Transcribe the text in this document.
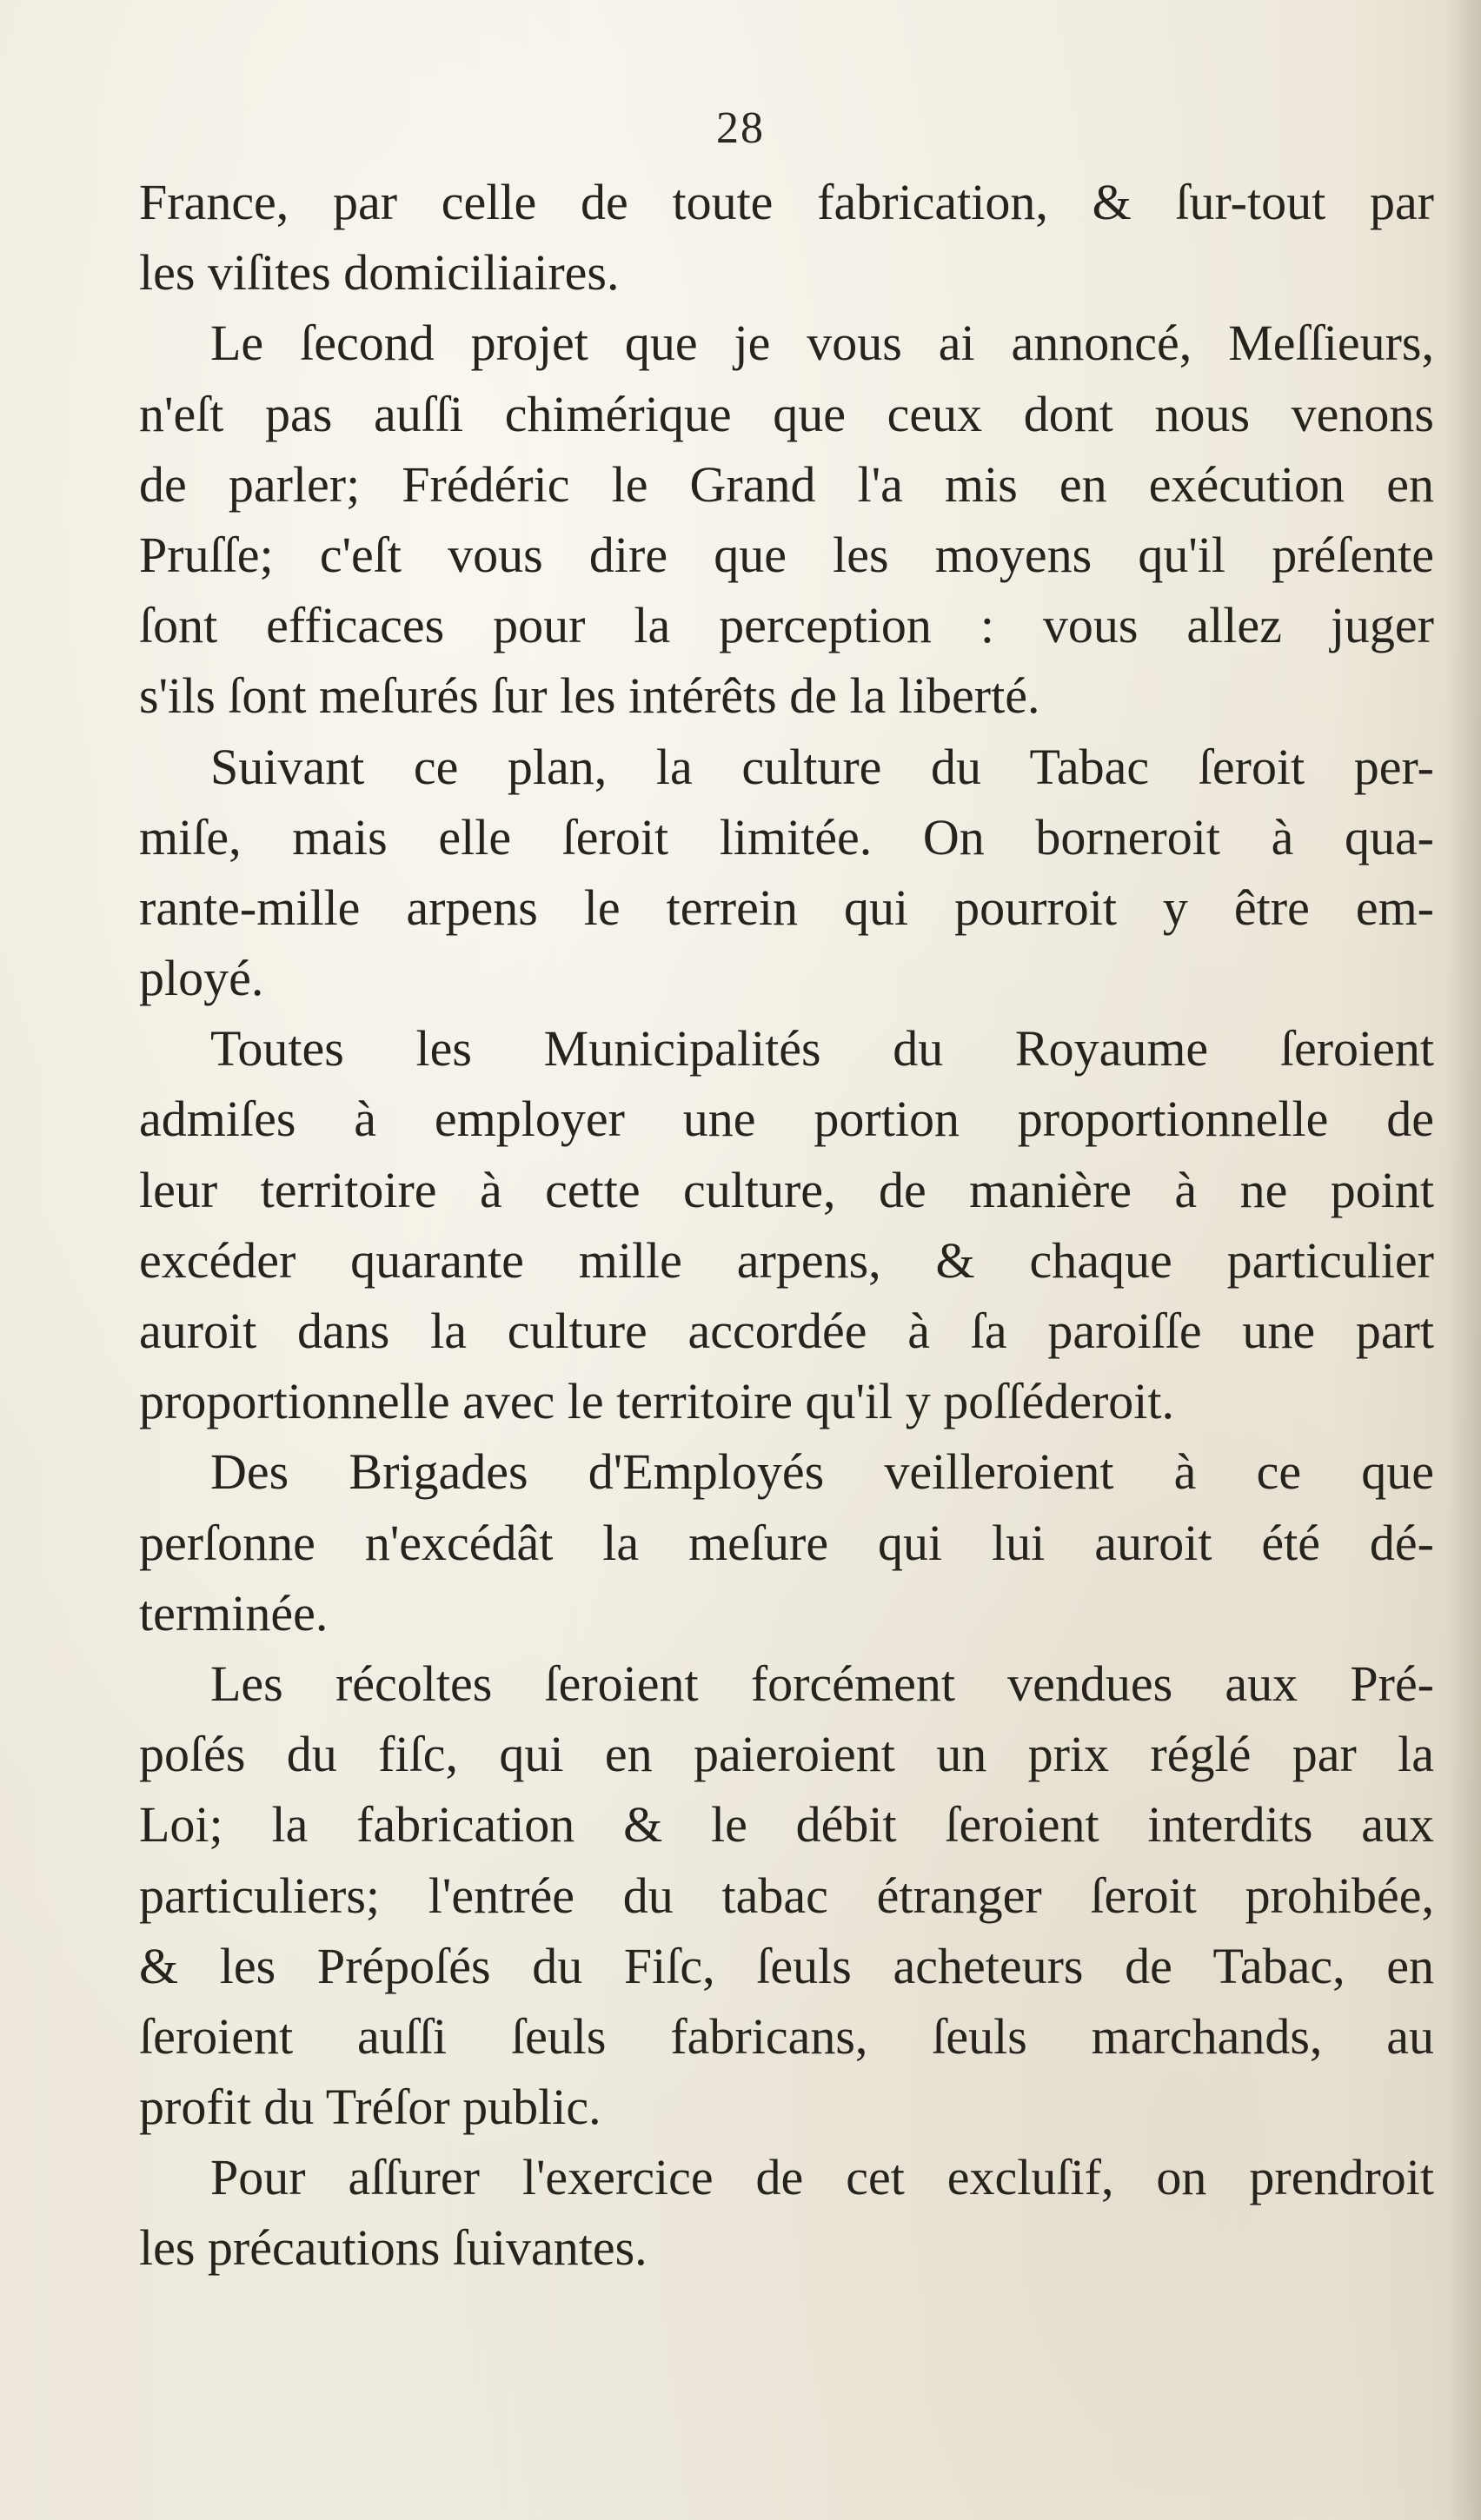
28
France, par celle de toute fabrication, & ſur-tout par
les viſites domiciliaires.
Le ſecond projet que je vous ai annoncé, Meſſieurs,
n'eſt pas auſſi chimérique que ceux dont nous venons
de parler; Frédéric le Grand l'a mis en exécution en
Pruſſe; c'eſt vous dire que les moyens qu'il préſente
ſont efficaces pour la perception : vous allez juger
s'ils ſont meſurés ſur les intérêts de la liberté.
Suivant ce plan, la culture du Tabac ſeroit per-
miſe, mais elle ſeroit limitée. On borneroit à qua-
rante-mille arpens le terrein qui pourroit y être em-
ployé.
Toutes les Municipalités du Royaume ſeroient
admiſes à employer une portion proportionnelle de
leur territoire à cette culture, de manière à ne point
excéder quarante mille arpens, & chaque particulier
auroit dans la culture accordée à ſa paroiſſe une part
proportionnelle avec le territoire qu'il y poſſéderoit.
Des Brigades d'Employés veilleroient à ce que
perſonne n'excédât la meſure qui lui auroit été dé-
terminée.
Les récoltes ſeroient forcément vendues aux Pré-
poſés du fiſc, qui en paieroient un prix réglé par la
Loi; la fabrication & le débit ſeroient interdits aux
particuliers; l'entrée du tabac étranger ſeroit prohibée,
& les Prépoſés du Fiſc, ſeuls acheteurs de Tabac, en
ſeroient auſſi ſeuls fabricans, ſeuls marchands, au
profit du Tréſor public.
Pour aſſurer l'exercice de cet excluſif, on prendroit
les précautions ſuivantes.
